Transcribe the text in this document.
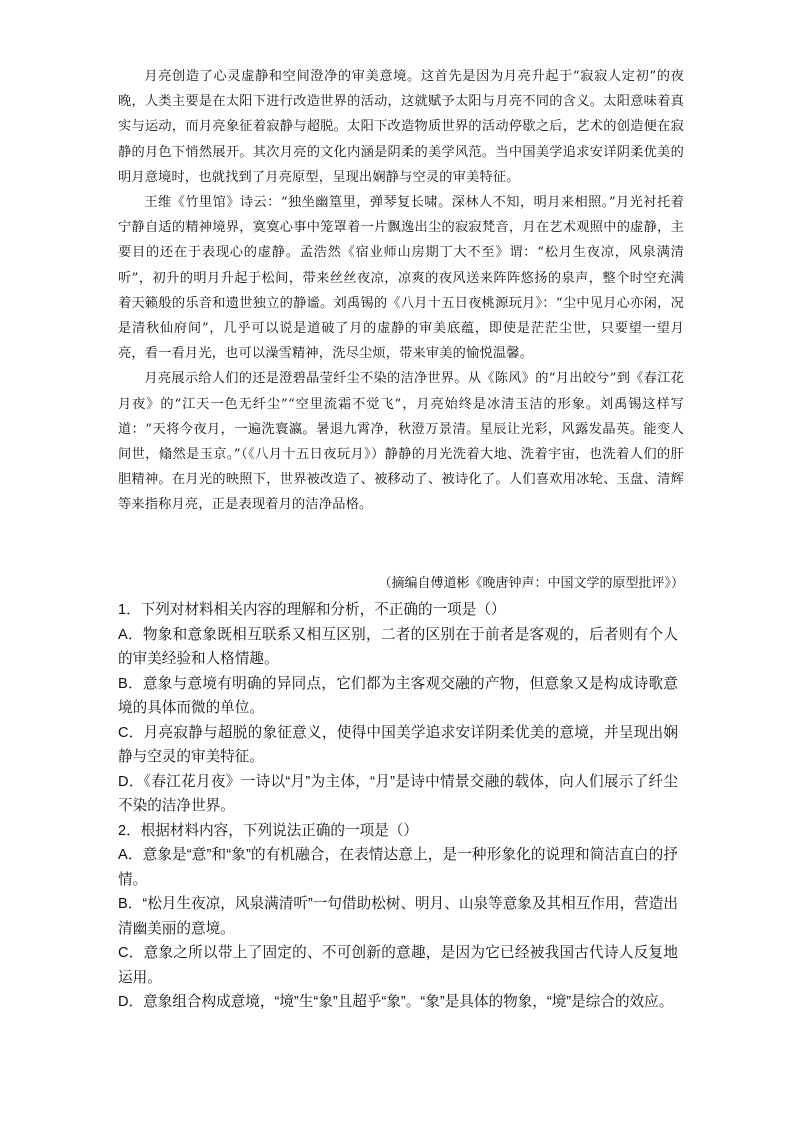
月亮创造了心灵虚静和空间澄净的审美意境。这首先是因为月亮升起于“寂寂人定初”的夜晚，人类主要是在太阳下进行改造世界的活动，这就赋予太阳与月亮不同的含义。太阳意味着真实与运动，而月亮象征着寂静与超脱。太阳下改造物质世界的活动停歇之后，艺术的创造便在寂静的月色下悄然展开。其次月亮的文化内涵是阴柔的美学风范。当中国美学追求安详阴柔优美的明月意境时，也就找到了月亮原型，呈现出娴静与空灵的审美特征。

王维《竹里馆》诗云：“独坐幽篁里，弹琴复长啸。深林人不知，明月来相照。”月光衬托着宁静自适的精神境界，寞寞心事中笼罩着一片飘逸出尘的寂寂梵音，月在艺术观照中的虚静，主要目的还在于表现心的虚静。孟浩然《宿业师山房期丁大不至》谓：“松月生夜凉，风泉满清听”，初升的明月升起于松间，带来丝丝夜凉，凉爽的夜风送来阵阵悠扬的泉声，整个时空充满着天籁般的乐音和遗世独立的静谧。刘禹锡的《八月十五日夜桃源玩月》：“尘中见月心亦闲，况是清秋仙府间”，几乎可以说是道破了月的虚静的审美底蕴，即使是茫茫尘世，只要望一望月亮，看一看月光，也可以澡雪精神，洗尽尘烦，带来审美的愉悦温馨。

月亮展示给人们的还是澄碧晶莹纤尘不染的洁净世界。从《陈风》的“月出皎兮”到《春江花月夜》的“江天一色无纤尘”“空里流霜不觉飞”，月亮始终是冰清玉洁的形象。刘禹锡这样写道：“天将今夜月，一遍洗寰瀛。暑退九霄净，秋澄万景清。星辰让光彩，风露发晶英。能变人间世，翛然是玉京。”（《八月十五日夜玩月》）静静的月光洗着大地、洗着宇宙，也洗着人们的肝胆精神。在月光的映照下，世界被改造了、被移动了、被诗化了。人们喜欢用冰轮、玉盘、清辉等来指称月亮，正是表现着月的洁净品格。

（摘编自傅道彬《晚唐钟声：中国文学的原型批评》）

1．下列对材料相关内容的理解和分析，不正确的一项是（）

A．物象和意象既相互联系又相互区别，二者的区别在于前者是客观的，后者则有个人的审美经验和人格情趣。

B．意象与意境有明确的异同点，它们都为主客观交融的产物，但意象又是构成诗歌意境的具体而微的单位。

C．月亮寂静与超脱的象征意义，使得中国美学追求安详阴柔优美的意境，并呈现出娴静与空灵的审美特征。

D．《春江花月夜》一诗以“月”为主体，“月”是诗中情景交融的载体，向人们展示了纤尘不染的洁净世界。

2．根据材料内容，下列说法正确的一项是（）

A．意象是“意”和“象”的有机融合，在表情达意上，是一种形象化的说理和简洁直白的抒情。

B．“松月生夜凉，风泉满清听”一句借助松树、明月、山泉等意象及其相互作用，营造出清幽美丽的意境。

C．意象之所以带上了固定的、不可创新的意趣，是因为它已经被我国古代诗人反复地运用。

D．意象组合构成意境，“境”生“象”且超乎“象”。“象”是具体的物象，“境”是综合的效应。
